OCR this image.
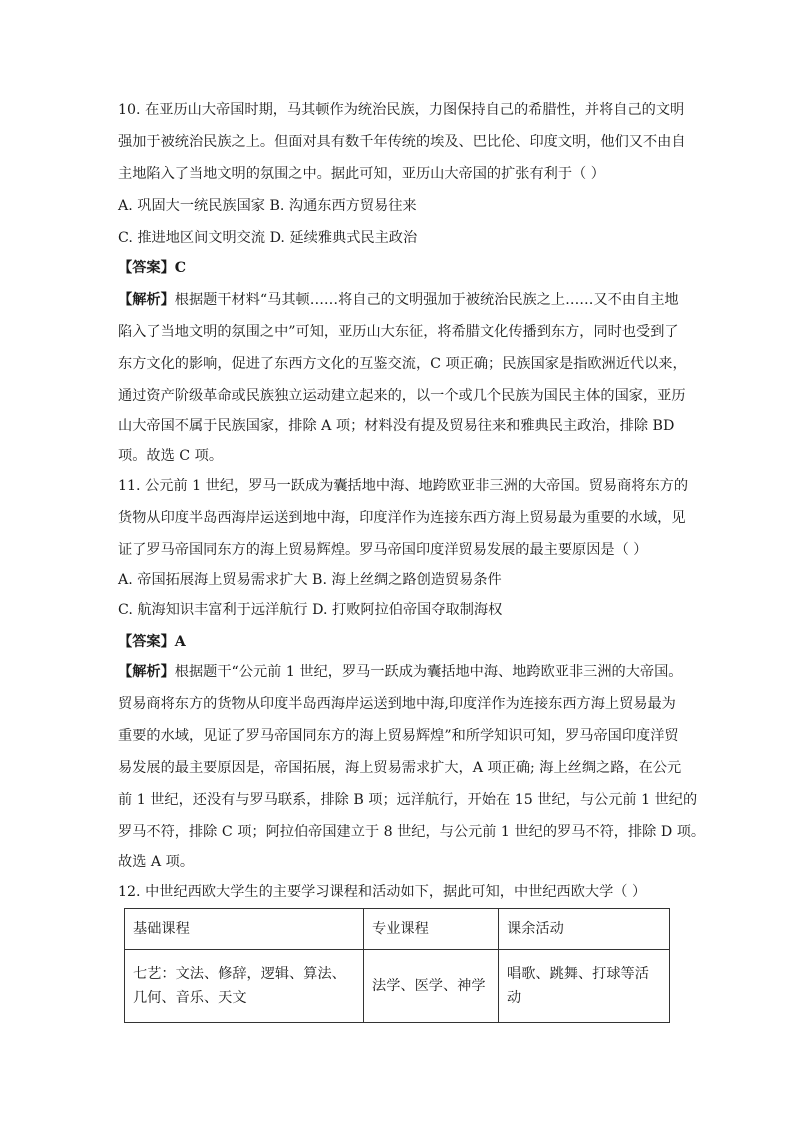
10. 在亚历山大帝国时期，马其顿作为统治民族，力图保持自己的希腊性，并将自己的文明
强加于被统治民族之上。但面对具有数千年传统的埃及、巴比伦、印度文明，他们又不由自
主地陷入了当地文明的氛围之中。据此可知，亚历山大帝国的扩张有利于（ ）
A. 巩固大一统民族国家 B. 沟通东西方贸易往来
C. 推进地区间文明交流 D. 延续雅典式民主政治
【答案】C
【解析】根据题干材料“马其顿……将自己的文明强加于被统治民族之上……又不由自主地
陷入了当地文明的氛围之中”可知，亚历山大东征，将希腊文化传播到东方，同时也受到了
东方文化的影响，促进了东西方文化的互鉴交流，C 项正确；民族国家是指欧洲近代以来，
通过资产阶级革命或民族独立运动建立起来的，以一个或几个民族为国民主体的国家，亚历
山大帝国不属于民族国家，排除 A 项；材料没有提及贸易往来和雅典民主政治，排除 BD
项。故选 C 项。
11. 公元前 1 世纪，罗马一跃成为囊括地中海、地跨欧亚非三洲的大帝国。贸易商将东方的
货物从印度半岛西海岸运送到地中海，印度洋作为连接东西方海上贸易最为重要的水域，见
证了罗马帝国同东方的海上贸易辉煌。罗马帝国印度洋贸易发展的最主要原因是（ ）
A. 帝国拓展海上贸易需求扩大 B. 海上丝绸之路创造贸易条件
C. 航海知识丰富利于远洋航行 D. 打败阿拉伯帝国夺取制海权
【答案】A
【解析】根据题干“公元前 1 世纪，罗马一跃成为囊括地中海、地跨欧亚非三洲的大帝国。
贸易商将东方的货物从印度半岛西海岸运送到地中海,印度洋作为连接东西方海上贸易最为
重要的水域，见证了罗马帝国同东方的海上贸易辉煌”和所学知识可知，罗马帝国印度洋贸
易发展的最主要原因是，帝国拓展，海上贸易需求扩大，A 项正确; 海上丝绸之路，在公元
前 1 世纪，还没有与罗马联系，排除 B 项；远洋航行，开始在 15 世纪，与公元前 1 世纪的
罗马不符，排除 C 项；阿拉伯帝国建立于 8 世纪，与公元前 1 世纪的罗马不符，排除 D 项。
故选 A 项。
12. 中世纪西欧大学生的主要学习课程和活动如下，据此可知，中世纪西欧大学（ ）
基础课程	专业课程	课余活动
七艺：文法、修辞，逻辑、算法、几何、音乐、天文	法学、医学、神学	唱歌、跳舞、打球等活动
